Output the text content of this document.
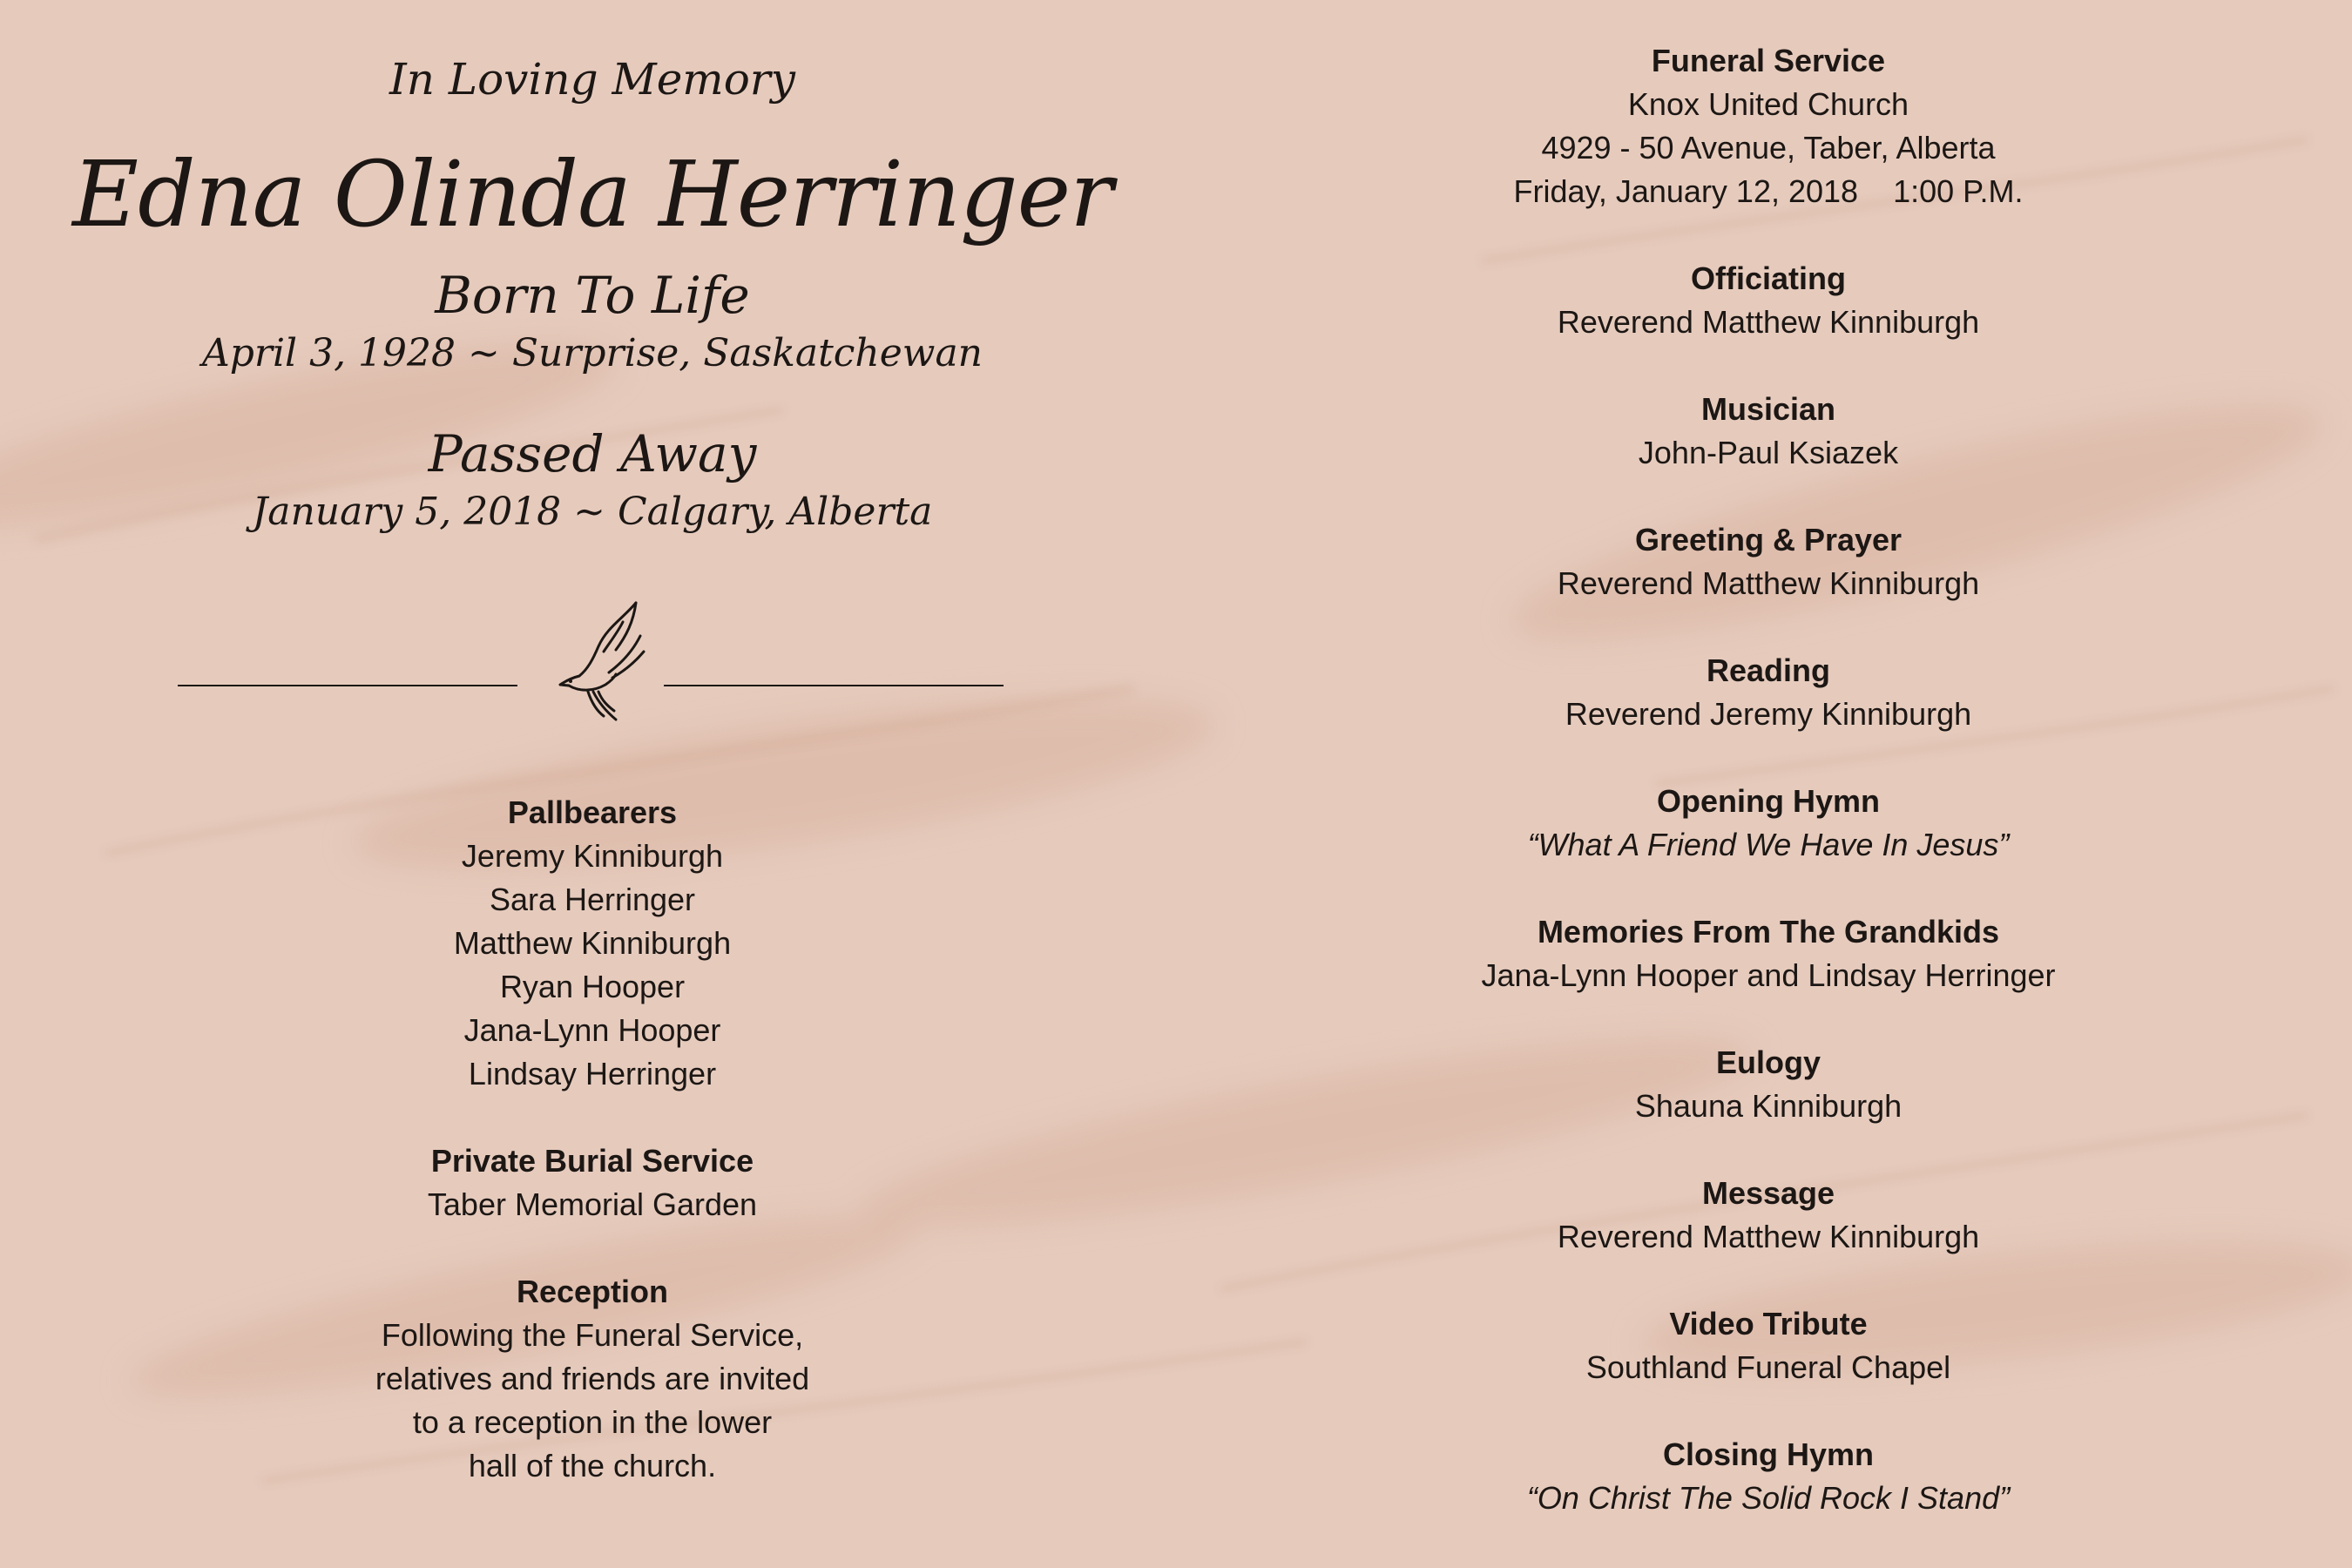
In Loving Memory
Edna Olinda Herringer
Born To Life
April 3, 1928 ~ Surprise, Saskatchewan
Passed Away
January 5, 2018 ~ Calgary, Alberta
Pallbearers
Jeremy Kinniburgh
Sara Herringer
Matthew Kinniburgh
Ryan Hooper
Jana-Lynn Hooper
Lindsay Herringer
Private Burial Service
Taber Memorial Garden
Reception
Following the Funeral Service,
relatives and friends are invited
to a reception in the lower
hall of the church.
Funeral Service
Knox United Church
4929 - 50 Avenue, Taber, Alberta
Friday, January 12, 2018    1:00 P.M.
Officiating
Reverend Matthew Kinniburgh
Musician
John-Paul Ksiazek
Greeting & Prayer
Reverend Matthew Kinniburgh
Reading
Reverend Jeremy Kinniburgh
Opening Hymn
“What A Friend We Have In Jesus”
Memories From The Grandkids
Jana-Lynn Hooper and Lindsay Herringer
Eulogy
Shauna Kinniburgh
Message
Reverend Matthew Kinniburgh
Video Tribute
Southland Funeral Chapel
Closing Hymn
“On Christ The Solid Rock I Stand”
